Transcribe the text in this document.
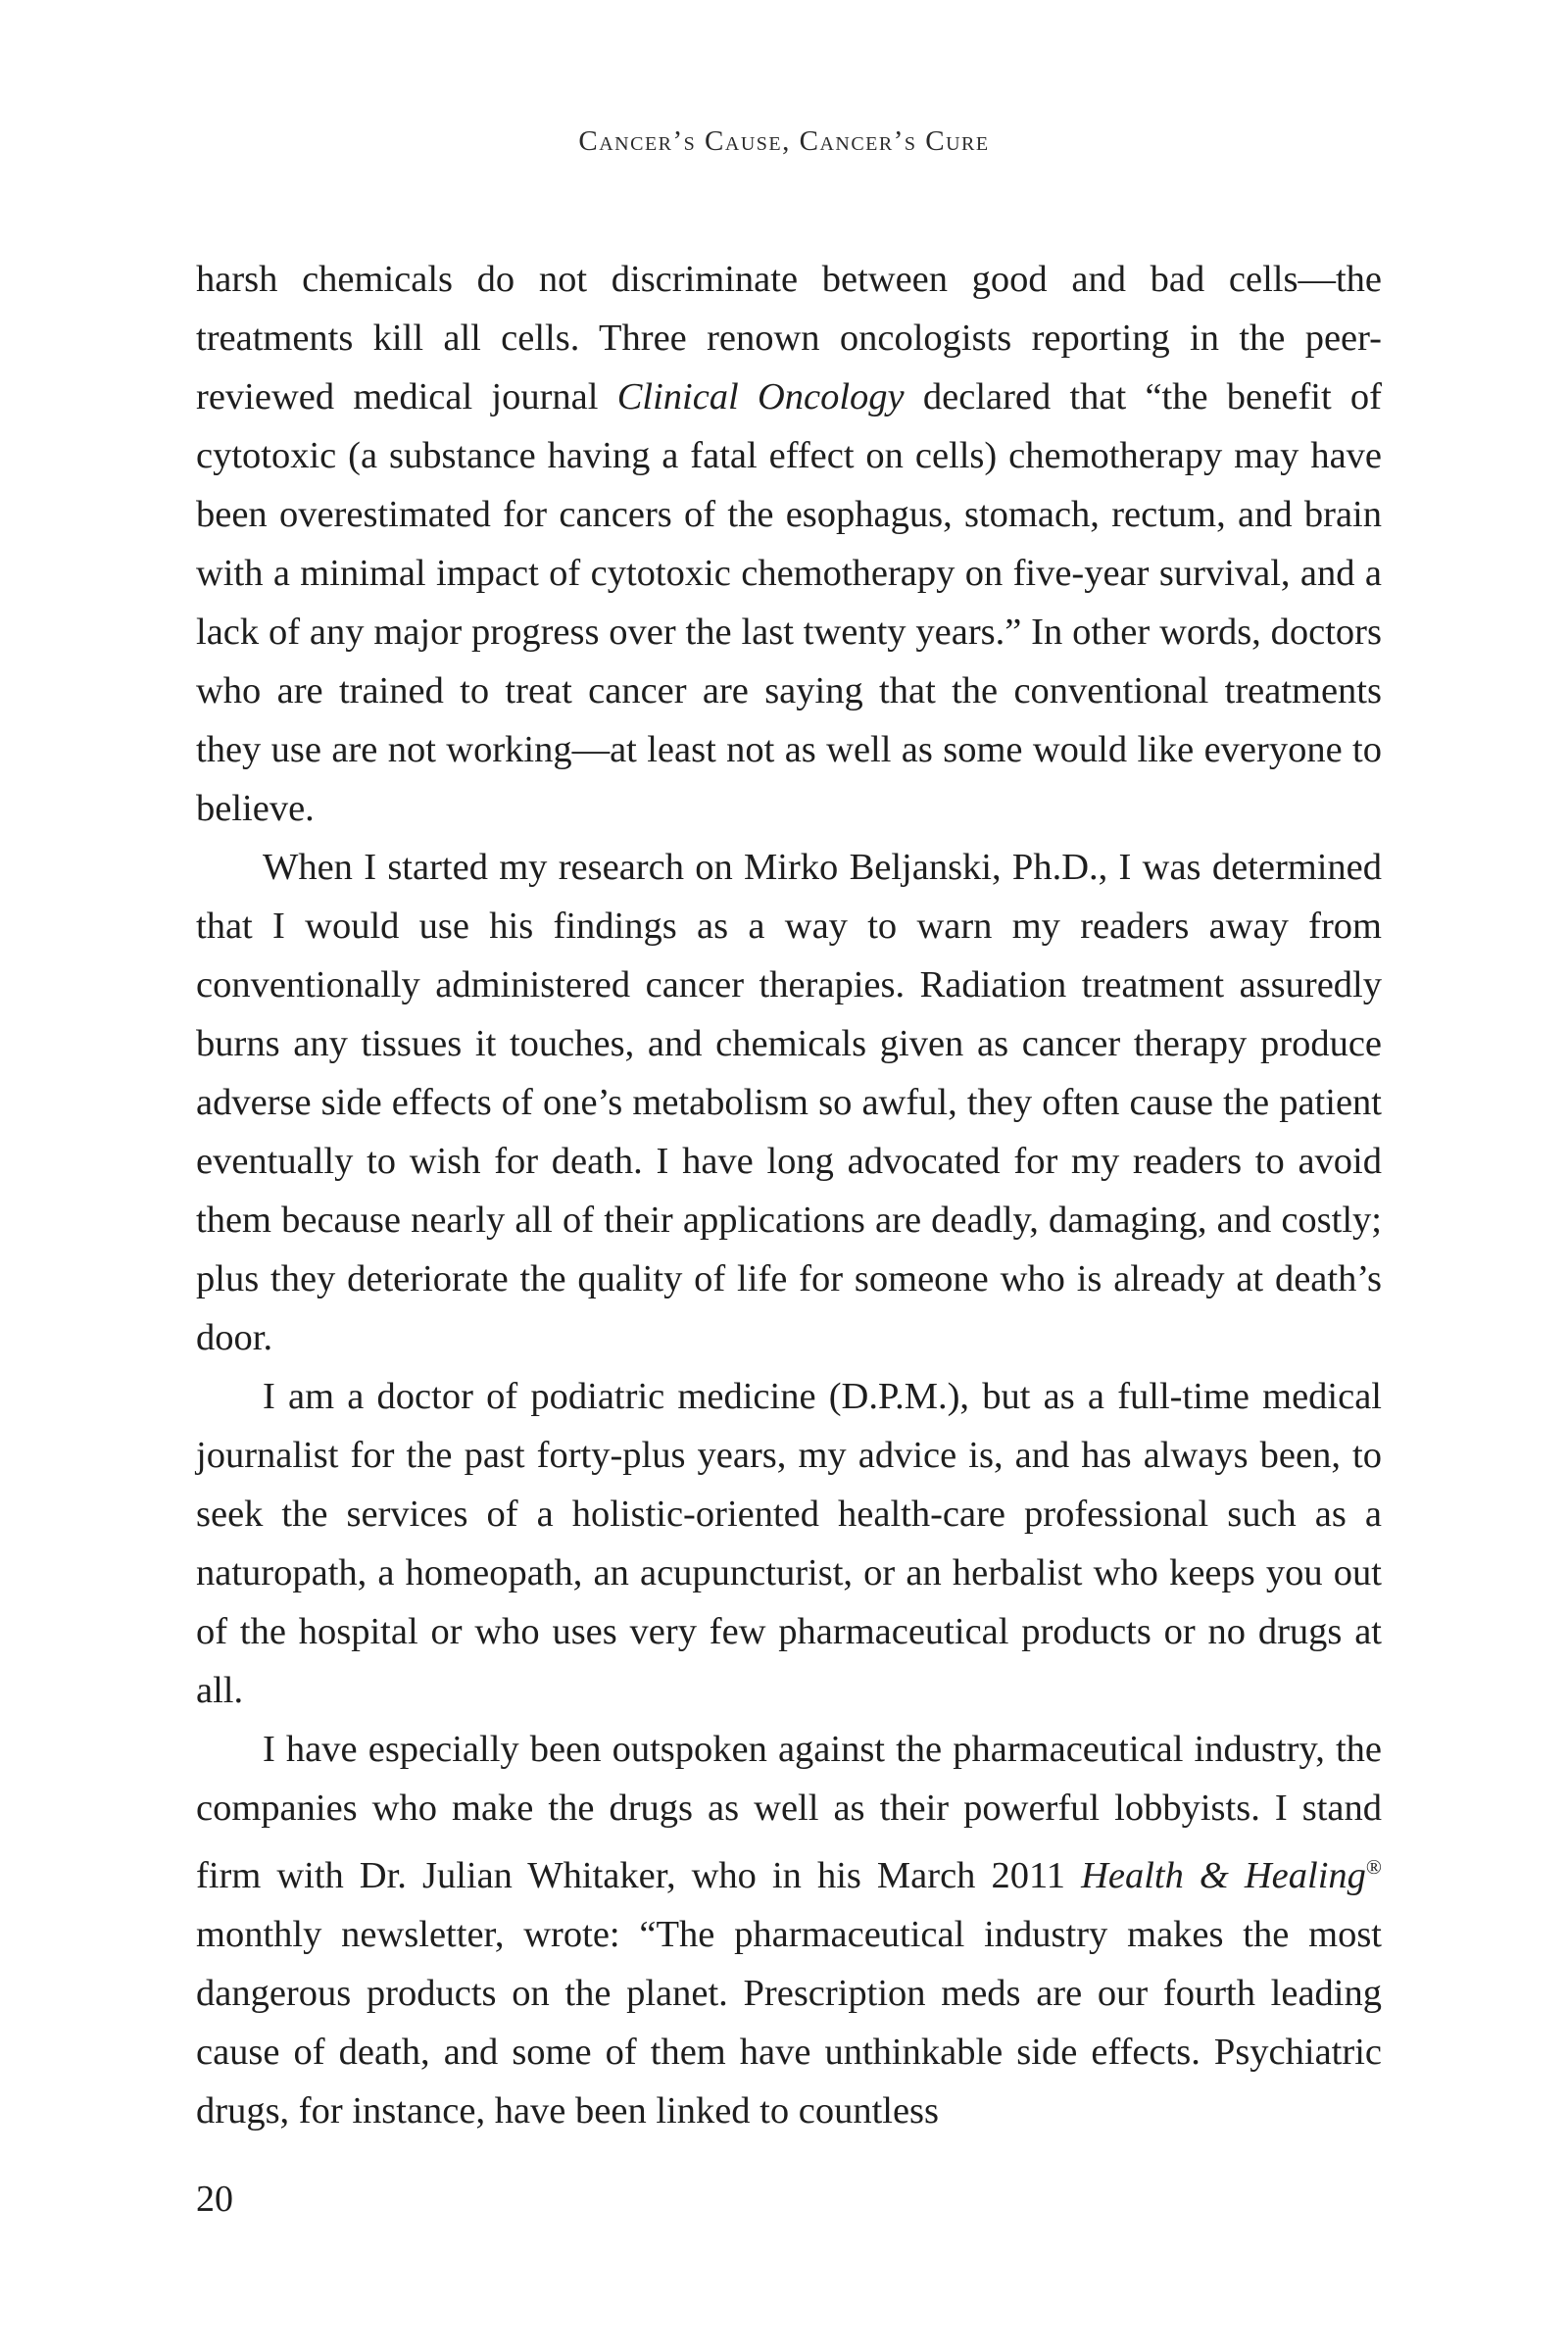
Cancer’s Cause, Cancer’s Cure

harsh chemicals do not discriminate between good and bad cells—the treatments kill all cells. Three renown oncologists reporting in the peer-reviewed medical journal Clinical Oncology declared that “the benefit of cytotoxic (a substance having a fatal effect on cells) chemotherapy may have been overestimated for cancers of the esophagus, stomach, rectum, and brain with a minimal impact of cytotoxic chemotherapy on five-year survival, and a lack of any major progress over the last twenty years.” In other words, doctors who are trained to treat cancer are saying that the conventional treatments they use are not working—at least not as well as some would like everyone to believe.

When I started my research on Mirko Beljanski, Ph.D., I was determined that I would use his findings as a way to warn my readers away from conventionally administered cancer therapies. Radiation treatment assuredly burns any tissues it touches, and chemicals given as cancer therapy produce adverse side effects of one’s metabolism so awful, they often cause the patient eventually to wish for death. I have long advocated for my readers to avoid them because nearly all of their applications are deadly, damaging, and costly; plus they deteriorate the quality of life for someone who is already at death’s door.

I am a doctor of podiatric medicine (D.P.M.), but as a full-time medical journalist for the past forty-plus years, my advice is, and has always been, to seek the services of a holistic-oriented health-care professional such as a naturopath, a homeopath, an acupuncturist, or an herbalist who keeps you out of the hospital or who uses very few pharmaceutical products or no drugs at all.

I have especially been outspoken against the pharmaceutical industry, the companies who make the drugs as well as their powerful lobbyists. I stand firm with Dr. Julian Whitaker, who in his March 2011 Health & Healing® monthly newsletter, wrote: “The pharmaceutical industry makes the most dangerous products on the planet. Prescription meds are our fourth leading cause of death, and some of them have unthinkable side effects. Psychiatric drugs, for instance, have been linked to countless

20
